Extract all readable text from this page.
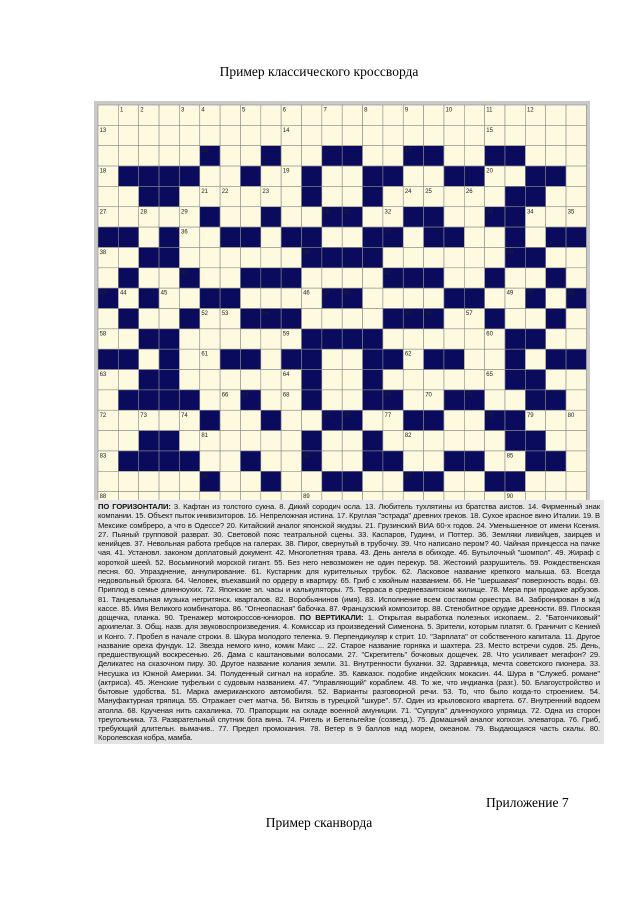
Пример классического кроссворда
1	2	3	4	5	6	7	8	9	10	11	12
13	14	15
16	17
18	19	20
21 22	23	24 25	26
27	28	29	30 31	32	33	34	35
36	37
38	39	40
41	42
43 44	45	46 47 48	49 50	51
52 53	54	55 56	57
58	59	60
61	62
63	64	65
66 67	68	69	70	71
72	73	74	75 76	77	78	79	80
81	82
83	84	85
86	87
88	89	90

ПО ГОРИЗОНТАЛИ: 3. Кафтан из толстого сукна. 8. Дикий сородич осла. 13. Любитель тухлятины из братства аистов. 14. Фирменный знак компании. 15. Объект пыток инквизиторов. 16. Непреложная истина. 17. Круглая "эстрада" древних греков. 18. Сухое красное вино Италии. 19. В Мексике сомбреро, а что в Одессе? 20. Китайский аналог японской якудзы. 21. Грузинский ВИА 60-х годов. 24. Уменьшенное от имени Ксения. 27. Пьяный групповой разврат. 30. Световой пояс театральной сцены. 33. Каспаров, Гудини, и Поттер. 36. Земляки ливийцев, заирцев и кенийцев. 37. Невольная работа гребцов на галерах. 38. Пирог, свернутый в трубочку. 39. Что написано пером? 40. Чайная принцесса на пачке чая. 41. Установл. законом доплатовый документ. 42. Многолетняя трава. 43. День ангела в обиходе. 46. Бутылочный "шомпол". 49. Жираф с короткой шеей. 52. Восьминогий морской гигант. 55. Без него невозможен не один перекур. 58. Жестокий разрушитель. 59. Рождественская песня. 60. Упразднение, аннулирование. 61. Кустарник для курительных трубок. 62. Ласковое название крепкого малыша. 63. Всегда недовольный брюзга. 64. Человек, въехавший по ордеру в квартиру. 65. Гриб с хвойным названием. 66. Не "шершавая" поверхность воды. 69. Приплод в семье длинноухих. 72. Японские эл. часы и калькуляторы. 75. Терраса в средневзаитском жилище. 78. Мера при продаже арбузов. 81. Танцевальная музыка негритянск. кварталов. 82. Воробьянинов (имя). 83. Исполнение всем составом оркестра. 84. Забронирован в ж/д кассе. 85. Имя Великого комбинатора. 86. "Огнеопасная" бабочка. 87. Французский композитор. 88. Стенобитное орудие древности. 89. Плоская дощечка, планка. 90. Тренажер мотокроссов-юниоров. ПО ВЕРТИКАЛИ: 1. Открытая выработка полезных ископаем.. 2. "Батончиковый" архипелаг. 3. Общ. назв. для звуковоспроизведения. 4. Комиссар из произведений Сименона. 5. Зрители, которым платят. 6. Граничит с Кенией и Конго. 7. Пробел в начале строки. 8. Шкура молодого теленка. 9. Перпендикуляр к стрит. 10. "Зарплата" от собственного капитала. 11. Другое название ореха фундук. 12. Звезда немого кино, комик Макс ... 22. Старое название горняка и шахтера. 23. Место встречи судов. 25. День, предшествующий воскресенью. 26. Дама с каштановыми волосами. 27. "Скрепитель" бочковых дощечек. 28. Что усиливает мегафон? 29. Деликатес на сказочном пиру. 30. Другое название колания земли. 31. Внутренности буханки. 32. Здравница, мечта советского пионера. 33. Несушка из Южной Америки. 34. Полуденный сигнал на корабле. 35. Кавказск. подобие индейских мокасин. 44. Шура в "Служеб. романе" (актриса). 45. Женские туфельки с судовым названием. 47. "Управляющий" кораблем. 48. То же, что индианка (разг.). 50. Благоустройство и бытовые удобства. 51. Марка американского автомобиля. 52. Варианты разговорной речи. 53. То, что было когда-то строением. 54. Мануфактурная тряпица. 55. Отражает счет матча. 56. Витязь в турецкой "шкуре". 57. Один из крыловского квартета. 67. Внутренний водоем атолла. 68. Крученая нить сахалинка. 70. Прапорщик на складе военной амуниции. 71. "Супруга" длинноухого упрямца. 72. Одна из сторон треугольника. 73. Разврательный спутник бога вина. 74. Ригель и Бетельгейзе (созвезд.). 75. Домашний аналог копхозн. элеватора. 76. Гриб, требующий длительн. вымачив.. 77. Предел промокания. 78. Ветер в 9 баллов над морем, океаном. 79. Выдающаяся часть скалы. 80. Королевская кобра, мамба.

Приложение 7
Пример сканворда
